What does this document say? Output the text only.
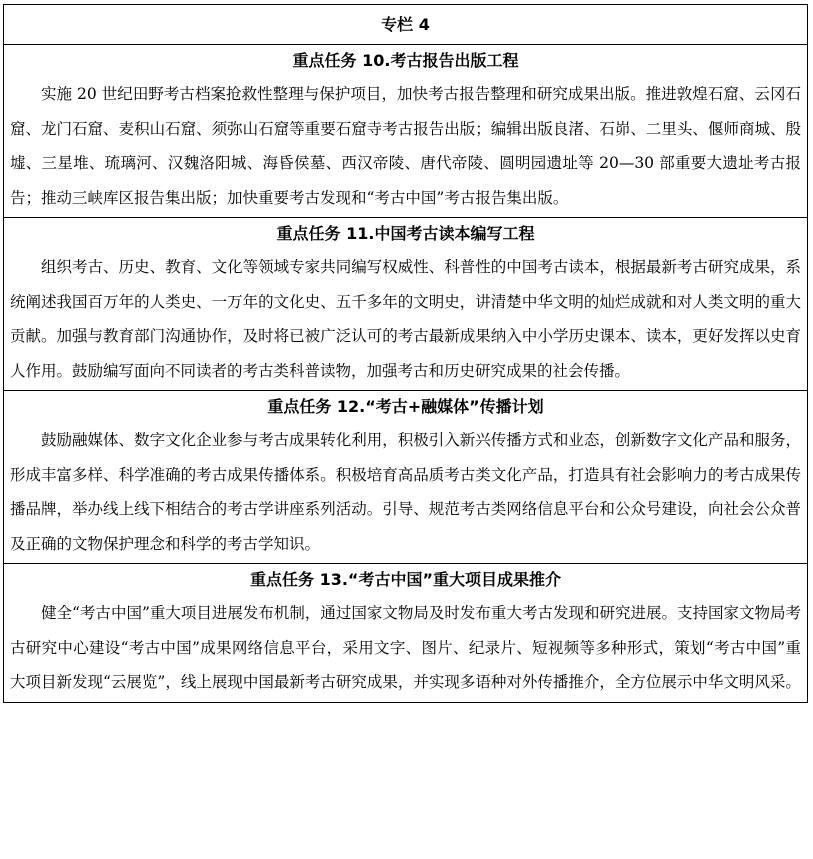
专栏 4
重点任务 10.考古报告出版工程

实施 20 世纪田野考古档案抢救性整理与保护项目，加快考古报告整理和研究成果出版。推进敦煌石窟、云冈石窟、龙门石窟、麦积山石窟、须弥山石窟等重要石窟寺考古报告出版；编辑出版良渚、石峁、二里头、偃师商城、殷墟、三星堆、琉璃河、汉魏洛阳城、海昏侯墓、西汉帝陵、唐代帝陵、圆明园遗址等 20—30 部重要大遗址考古报告；推动三峡库区报告集出版；加快重要考古发现和“考古中国”考古报告集出版。

重点任务 11.中国考古读本编写工程

组织考古、历史、教育、文化等领域专家共同编写权威性、科普性的中国考古读本，根据最新考古研究成果，系统阐述我国百万年的人类史、一万年的文化史、五千多年的文明史，讲清楚中华文明的灿烂成就和对人类文明的重大贡献。加强与教育部门沟通协作，及时将已被广泛认可的考古最新成果纳入中小学历史课本、读本，更好发挥以史育人作用。鼓励编写面向不同读者的考古类科普读物，加强考古和历史研究成果的社会传播。

重点任务 12.“考古+融媒体”传播计划

鼓励融媒体、数字文化企业参与考古成果转化利用，积极引入新兴传播方式和业态，创新数字文化产品和服务，形成丰富多样、科学准确的考古成果传播体系。积极培育高品质考古类文化产品，打造具有社会影响力的考古成果传播品牌，举办线上线下相结合的考古学讲座系列活动。引导、规范考古类网络信息平台和公众号建设，向社会公众普及正确的文物保护理念和科学的考古学知识。

重点任务 13.“考古中国”重大项目成果推介

健全“考古中国”重大项目进展发布机制，通过国家文物局及时发布重大考古发现和研究进展。支持国家文物局考古研究中心建设“考古中国”成果网络信息平台，采用文字、图片、纪录片、短视频等多种形式，策划“考古中国”重大项目新发现“云展览”，线上展现中国最新考古研究成果，并实现多语种对外传播推介，全方位展示中华文明风采。
